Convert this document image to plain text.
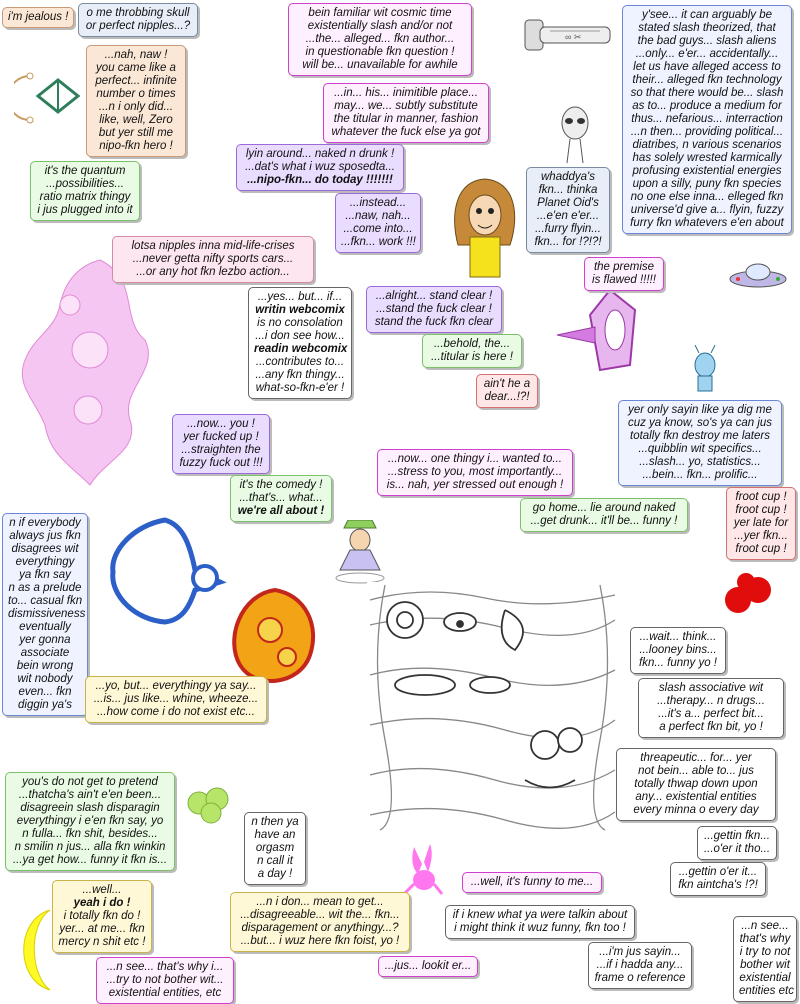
∞ ✂
i'm jealous ! o me throbbing skull
or perfect nipples...?
...nah, naw !
you came like a
perfect... infinite
number o times
...n i only did...
like, well, Zero
but yer still me
nipo-fkn hero !
it's the quantum
...possibilities...
ratio matrix thingy
i jus plugged into it
bein familiar wit cosmic time
existentially slash and/or not
...the... alleged... fkn author...
in questionable fkn question !
will be... unavailable for awhile
...in... his... inimitible place...
may... we... subtly substitute
the titular in manner, fashion
whatever the fuck else ya got
lyin around... naked n drunk !
...dat's what i wuz sposedta...
...nipo-fkn... do today !!!!!!!
...instead...
...naw, nah...
...come into...
...fkn... work !!!
y'see... it can arguably be
stated slash theorized, that
the bad guys... slash aliens
...only... e'er... accidentally...
let us have alleged access to
their... alleged fkn technology
so that there would be... slash
as to... produce a medium for
thus... nefarious... interraction
...n then... providing political...
diatribes, n various scenarios
has solely wrested karmically
profusing existential energies
upon a silly, puny fkn species
no one else inna... elleged fkn
universe'd give a... flyin, fuzzy
furry fkn whatevers e'en about
whaddya's
fkn... thinka
Planet Oid's
...e'en e'er...
...furry flyin...
fkn... for !?!?!
lotsa nipples inna mid-life-crises
...never getta nifty sports cars...
...or any hot fkn lezbo action...
...yes... but... if...
writin webcomix
is no consolation
...i don see how...
readin webcomix
...contributes to...
...any fkn thingy...
what-so-fkn-e'er !
...alright... stand clear !
...stand the fuck clear !
stand the fuck fkn clear
...behold, the...
...titular is here !
the premise
is flawed !!!!!
ain't he a
dear...!?!
yer only sayin like ya dig me
cuz ya know, so's ya can jus
totally fkn destroy me laters
...quibblin wit specifics...
...slash... yo, statistics...
...bein... fkn... prolific...
...now... you !
yer fucked up !
...straighten the
fuzzy fuck out !!!
it's the comedy !
...that's... what...
we're all about !
...now... one thingy i... wanted to...
...stress to you, most importantly...
is... nah, yer stressed out enough !
go home... lie around naked
...get drunk... it'll be... funny !
froot cup !
froot cup !
yer late for
...yer fkn...
froot cup !
n if everybody
always jus fkn
disagrees wit
everythingy
ya fkn say
n as a prelude
to... casual fkn
dismissiveness
eventually
yer gonna
associate
bein wrong
wit nobody
even... fkn
diggin ya's
...yo, but... everythingy ya say...
...is... jus like... whine, wheeze...
...how come i do not exist etc...
...wait... think...
...looney bins...
fkn... funny yo !
slash associative wit
...therapy... n drugs...
...it's a... perfect bit...
a perfect fkn bit, yo !
threapeutic... for... yer
not bein... able to... jus
totally thwap down upon
any... existential entities
every minna o every day
...gettin fkn...
...o'er it tho...
...gettin o'er it...
fkn aintcha's !?!
you's do not get to pretend
...thatcha's ain't e'en been...
disagreein slash disparagin
everythingy i e'en fkn say, yo
n fulla... fkn shit, besides...
n smilin n jus... alla fkn winkin
...ya get how... funny it fkn is...
n then ya
have an
orgasm
n call it
a day !
...well...
yeah i do !
i totally fkn do !
yer... at me... fkn
mercy n shit etc !
...n i don... mean to get...
...disagreeable... wit the... fkn...
disparagement or anythingy...?
...but... i wuz here fkn foist, yo !
...well, it's funny to me...
if i knew what ya were talkin about
i might think it wuz funny, fkn too !
...n see... that's why i...
...try to not bother wit...
existential entities, etc
...jus... lookit er...
...i'm jus sayin...
...if i hadda any...
frame o reference
...n see...
that's why
i try to not
bother wit
existential
entities etc
